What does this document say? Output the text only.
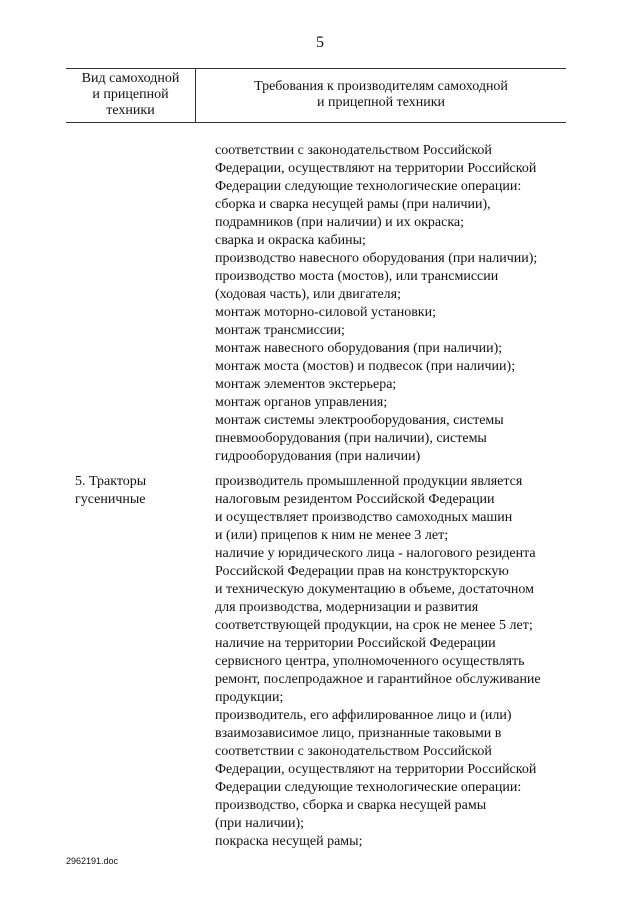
5
Вид самоходной
и прицепной
техники
Требования к производителям самоходной
и прицепной техники
соответствии с законодательством Российской
Федерации, осуществляют на территории Российской
Федерации следующие технологические операции:
сборка и сварка несущей рамы (при наличии),
подрамников (при наличии) и их окраска;
сварка и окраска кабины;
производство навесного оборудования (при наличии);
производство моста (мостов), или трансмиссии
(ходовая часть), или двигателя;
монтаж моторно-силовой установки;
монтаж трансмиссии;
монтаж навесного оборудования (при наличии);
монтаж моста (мостов) и подвесок (при наличии);
монтаж элементов экстерьера;
монтаж органов управления;
монтаж системы электрооборудования, системы
пневмооборудования (при наличии), системы
гидрооборудования (при наличии)
5. Тракторы
гусеничные
производитель промышленной продукции является
налоговым резидентом Российской Федерации
и осуществляет производство самоходных машин
и (или) прицепов к ним не менее 3 лет;
наличие у юридического лица - налогового резидента
Российской Федерации прав на конструкторскую
и техническую документацию в объеме, достаточном
для производства, модернизации и развития
соответствующей продукции, на срок не менее 5 лет;
наличие на территории Российской Федерации
сервисного центра, уполномоченного осуществлять
ремонт, послепродажное и гарантийное обслуживание
продукции;
производитель, его аффилированное лицо и (или)
взаимозависимое лицо, признанные таковыми в
соответствии с законодательством Российской
Федерации, осуществляют на территории Российской
Федерации следующие технологические операции:
производство, сборка и сварка несущей рамы
(при наличии);
покраска несущей рамы;
2962191.doc
